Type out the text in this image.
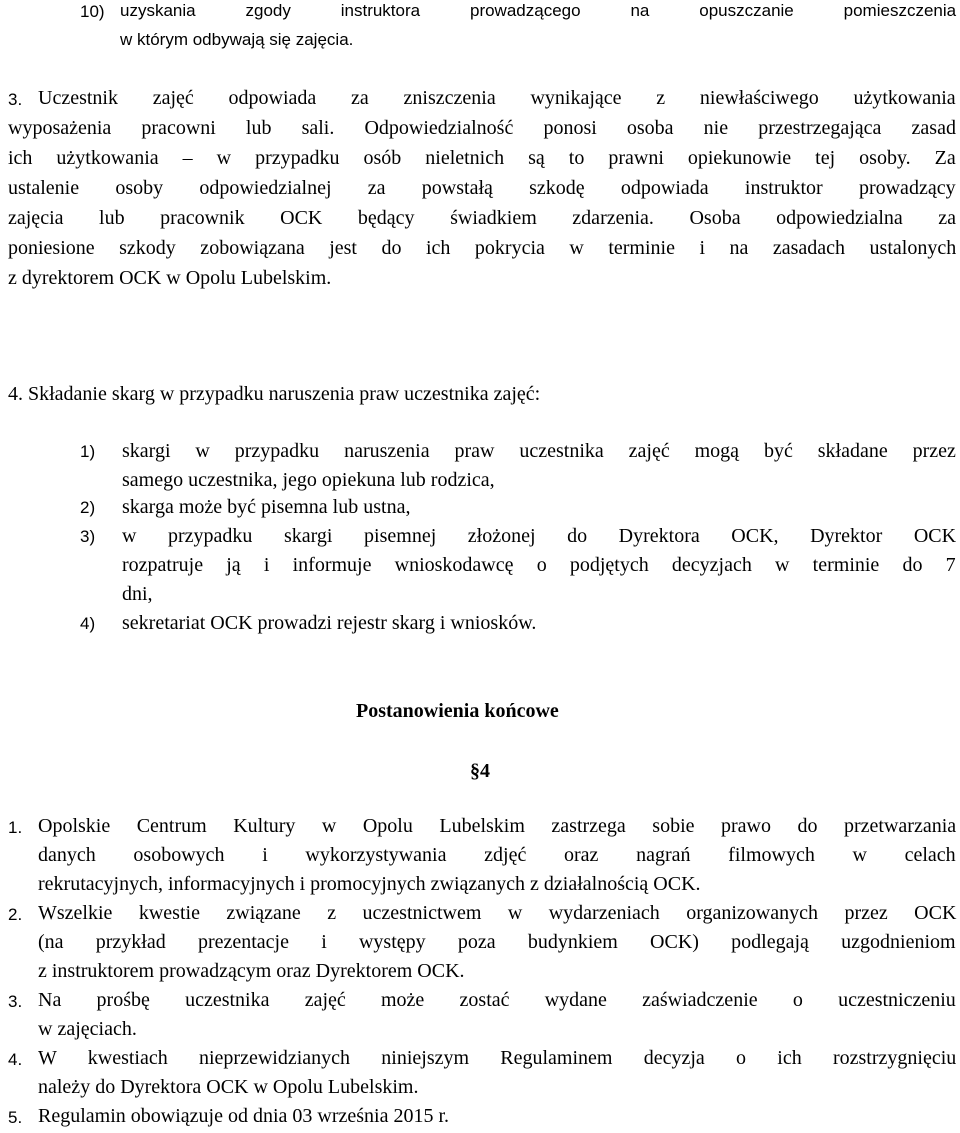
10) uzyskania zgody instruktora prowadzącego na opuszczanie pomieszczenia
w którym odbywają się zajęcia.
3. Uczestnik zajęć odpowiada za zniszczenia wynikające z niewłaściwego użytkowania
wyposażenia pracowni lub sali. Odpowiedzialność ponosi osoba nie przestrzegająca zasad
ich użytkowania – w przypadku osób nieletnich są to prawni opiekunowie tej osoby. Za
ustalenie osoby odpowiedzialnej za powstałą szkodę odpowiada instruktor prowadzący
zajęcia lub pracownik OCK będący świadkiem zdarzenia. Osoba odpowiedzialna za
poniesione szkody zobowiązana jest do ich pokrycia w terminie i na zasadach ustalonych
z dyrektorem OCK w Opolu Lubelskim.
4. Składanie skarg w przypadku naruszenia praw uczestnika zajęć:
1) skargi w przypadku naruszenia praw uczestnika zajęć mogą być składane przez
samego uczestnika, jego opiekuna lub rodzica,
2) skarga może być pisemna lub ustna,
3) w przypadku skargi pisemnej złożonej do Dyrektora OCK, Dyrektor OCK
rozpatruje ją i informuje wnioskodawcę o podjętych decyzjach w terminie do 7
dni,
4) sekretariat OCK prowadzi rejestr skarg i wniosków.
Postanowienia końcowe
§4
1. Opolskie Centrum Kultury w Opolu Lubelskim zastrzega sobie prawo do przetwarzania
danych osobowych i wykorzystywania zdjęć oraz nagrań filmowych w celach
rekrutacyjnych, informacyjnych i promocyjnych związanych z działalnością OCK.
2. Wszelkie kwestie związane z uczestnictwem w wydarzeniach organizowanych przez OCK
(na przykład prezentacje i występy poza budynkiem OCK) podlegają uzgodnieniom
z instruktorem prowadzącym oraz Dyrektorem OCK.
3. Na prośbę uczestnika zajęć może zostać wydane zaświadczenie o uczestniczeniu
w zajęciach.
4. W kwestiach nieprzewidzianych niniejszym Regulaminem decyzja o ich rozstrzygnięciu
należy do Dyrektora OCK w Opolu Lubelskim.
5. Regulamin obowiązuje od dnia 03 września 2015 r.
